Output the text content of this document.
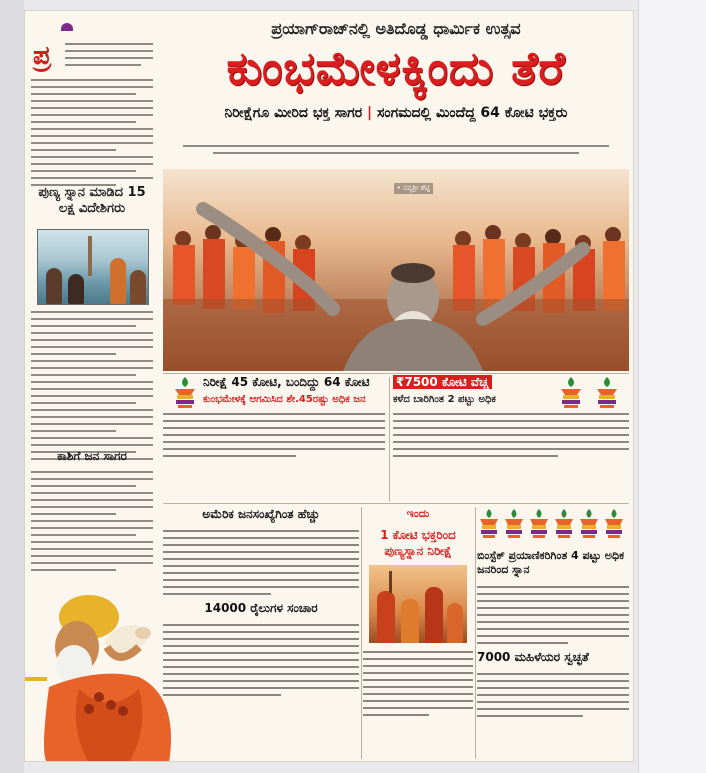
ಪ್ರ
ಪುಣ್ಯ ಸ್ನಾನ ಮಾಡಿದ 15 ಲಕ್ಷ ವಿದೇಶಿಗರು
ಕಾಶಿಗೆ ಜನ ಸಾಗರ
ಪ್ರಯಾಗ್‌ರಾಜ್‌ನಲ್ಲಿ ಅತಿದೊಡ್ಡ ಧಾರ್ಮಿಕ ಉತ್ಸವ
ಕುಂಭಮೇಳಕ್ಕಿಂದು ತೆರೆ
ನಿರೀಕ್ಷೆಗೂ ಮೀರಿದ ಭಕ್ತ ಸಾಗರ | ಸಂಗಮದಲ್ಲಿ ಮಿಂದೆದ್ದ 64 ಕೋಟಿ ಭಕ್ತರು
• ನವ್ಯಶ್ರೀ ಶೆಟ್ಟಿ
ನಿರೀಕ್ಷೆ 45 ಕೋಟಿ, ಬಂದಿದ್ದು 64 ಕೋಟಿ
ಕುಂಭಮೇಳಕ್ಕೆ ಆಗಮಿಸಿದ ಶೇ.45ರಷ್ಟು ಅಧಿಕ ಜನ
₹7500 ಕೋಟಿ ವೆಚ್ಚ
ಕಳೆದ ಬಾರಿಗಿಂತ 2 ಪಟ್ಟು ಅಧಿಕ
ಅಮೆರಿಕ ಜನಸಂಖ್ಯೆಗಿಂತ ಹೆಚ್ಚು
14000 ರೈಲುಗಳ ಸಂಚಾರ
ಇಂದು
1 ಕೋಟಿ ಭಕ್ತರಿಂದ ಪುಣ್ಯಸ್ನಾನ ನಿರೀಕ್ಷೆ	ಬಿಂಸ್ಟೆಕ್ ಪ್ರಯಾಣಿಕರಿಗಿಂತ 4 ಪಟ್ಟು ಅಧಿಕ ಜನರಿಂದ ಸ್ನಾನ
7000 ಮಹಿಳೆಯರ ಸ್ವಚ್ಛತೆ
